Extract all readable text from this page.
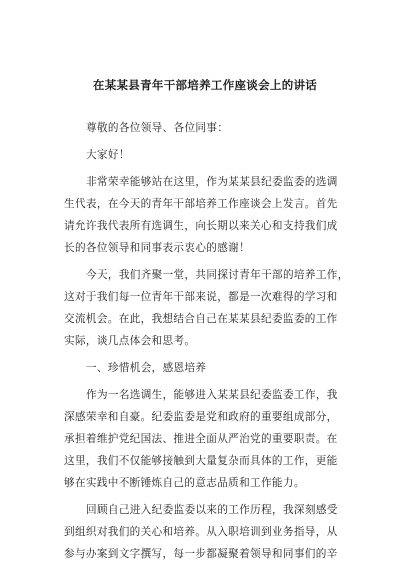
在某某县青年干部培养工作座谈会上的讲话
尊敬的各位领导、各位同事：
大家好！
非常荣幸能够站在这里，作为某某县纪委监委的选调
生代表，在今天的青年干部培养工作座谈会上发言。首先
请允许我代表所有选调生，向长期以来关心和支持我们成
长的各位领导和同事表示衷心的感谢！
今天，我们齐聚一堂，共同探讨青年干部的培养工作，
这对于我们每一位青年干部来说，都是一次难得的学习和
交流机会。在此，我想结合自己在某某县纪委监委的工作
实际，谈几点体会和思考。
一、珍惜机会，感恩培养
作为一名选调生，能够进入某某县纪委监委工作，我
深感荣幸和自豪。纪委监委是党和政府的重要组成部分，
承担着维护党纪国法、推进全面从严治党的重要职责。在
这里，我们不仅能够接触到大量复杂而具体的工作，更能
够在实践中不断锤炼自己的意志品质和工作能力。
回顾自己进入纪委监委以来的工作历程，我深刻感受
到组织对我们的关心和培养。从入职培训到业务指导，从
参与办案到文字撰写，每一步都凝聚着领导和同事们的辛
